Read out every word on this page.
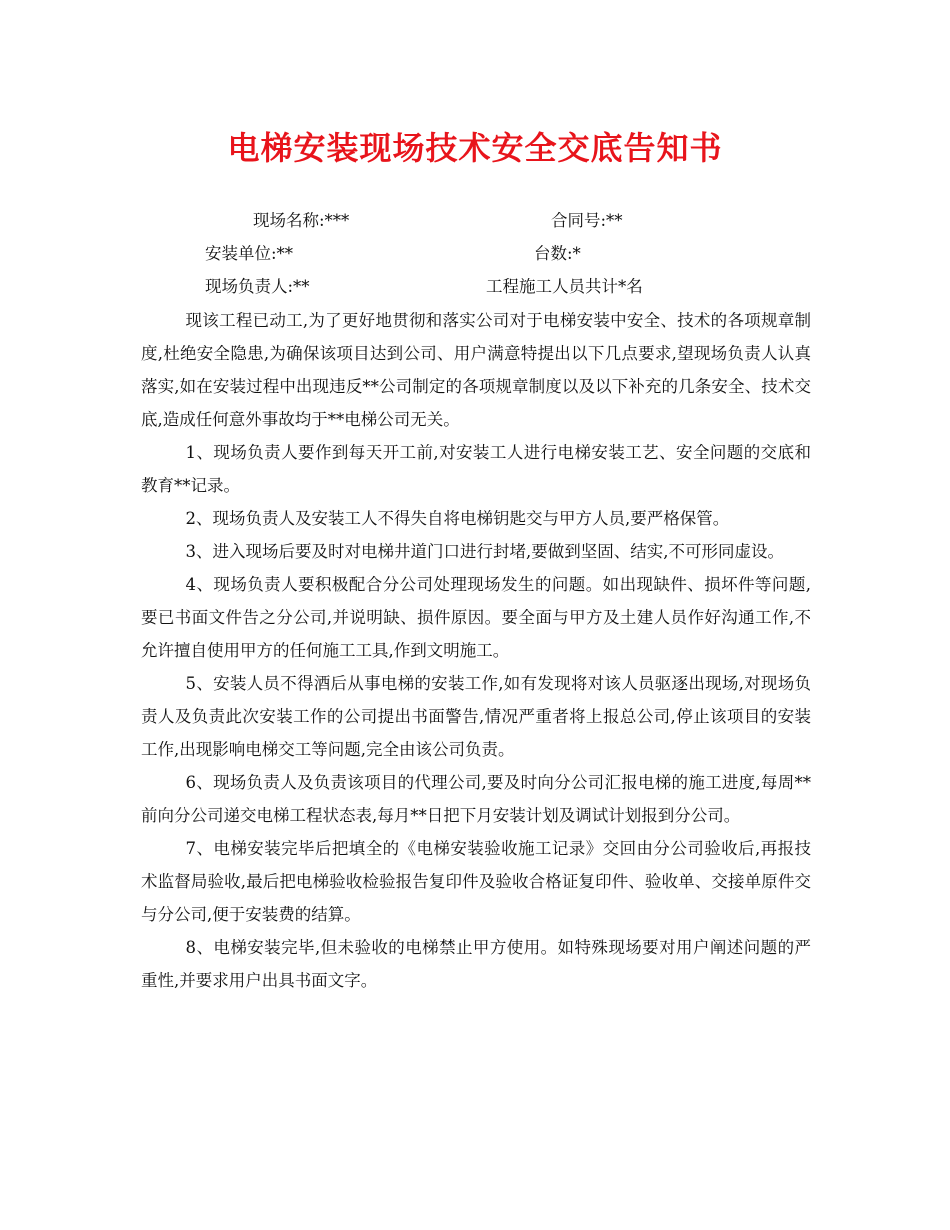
电梯安装现场技术安全交底告知书
现场名称:***	合同号:**
安装单位:**	台数:*
现场负责人:**	工程施工人员共计*名

现该工程已动工,为了更好地贯彻和落实公司对于电梯安装中安全、技术的各项规章制度,杜绝安全隐患,为确保该项目达到公司、用户满意特提出以下几点要求,望现场负责人认真落实,如在安装过程中出现违反**公司制定的各项规章制度以及以下补充的几条安全、技术交底,造成任何意外事故均于**电梯公司无关。

1、现场负责人要作到每天开工前,对安装工人进行电梯安装工艺、安全问题的交底和教育**记录。

2、现场负责人及安装工人不得失自将电梯钥匙交与甲方人员,要严格保管。

3、进入现场后要及时对电梯井道门口进行封堵,要做到坚固、结实,不可形同虚设。

4、现场负责人要积极配合分公司处理现场发生的问题。如出现缺件、损坏件等问题,要已书面文件告之分公司,并说明缺、损件原因。要全面与甲方及土建人员作好沟通工作,不允许擅自使用甲方的任何施工工具,作到文明施工。

5、安装人员不得酒后从事电梯的安装工作,如有发现将对该人员驱逐出现场,对现场负责人及负责此次安装工作的公司提出书面警告,情况严重者将上报总公司,停止该项目的安装工作,出现影响电梯交工等问题,完全由该公司负责。

6、现场负责人及负责该项目的代理公司,要及时向分公司汇报电梯的施工进度,每周**前向分公司递交电梯工程状态表,每月**日把下月安装计划及调试计划报到分公司。

7、电梯安装完毕后把填全的《电梯安装验收施工记录》交回由分公司验收后,再报技术监督局验收,最后把电梯验收检验报告复印件及验收合格证复印件、验收单、交接单原件交与分公司,便于安装费的结算。

8、电梯安装完毕,但未验收的电梯禁止甲方使用。如特殊现场要对用户阐述问题的严重性,并要求用户出具书面文字。
